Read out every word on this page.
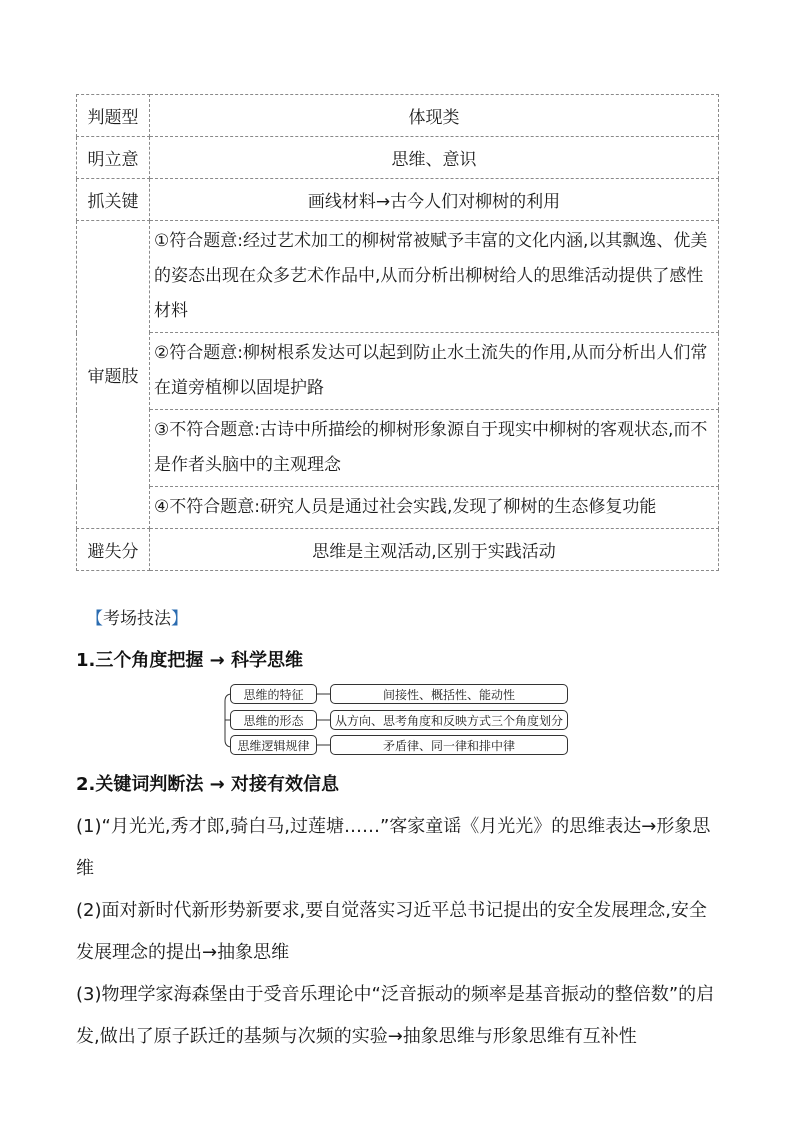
判题型	体现类
明立意	思维、意识
抓关键	画线材料→古今人们对柳树的利用
审题肢	①符合题意:经过艺术加工的柳树常被赋予丰富的文化内涵,以其飘逸、优美的姿态出现在众多艺术作品中,从而分析出柳树给人的思维活动提供了感性材料
	②符合题意:柳树根系发达可以起到防止水土流失的作用,从而分析出人们常在道旁植柳以固堤护路
	③不符合题意:古诗中所描绘的柳树形象源自于现实中柳树的客观状态,而不是作者头脑中的主观理念
	④不符合题意:研究人员是通过社会实践,发现了柳树的生态修复功能
避失分	思维是主观活动,区别于实践活动
【考场技法】
1.三个角度把握 → 科学思维
思维的特征	间接性、概括性、能动性
思维的形态	从方向、思考角度和反映方式三个角度划分
思维逻辑规律	矛盾律、同一律和排中律
2.关键词判断法 → 对接有效信息
(1)“月光光,秀才郎,骑白马,过莲塘……”客家童谣《月光光》的思维表达→形象思维
(2)面对新时代新形势新要求,要自觉落实习近平总书记提出的安全发展理念,安全发展理念的提出→抽象思维
(3)物理学家海森堡由于受音乐理论中“泛音振动的频率是基音振动的整倍数”的启发,做出了原子跃迁的基频与次频的实验→抽象思维与形象思维有互补性
